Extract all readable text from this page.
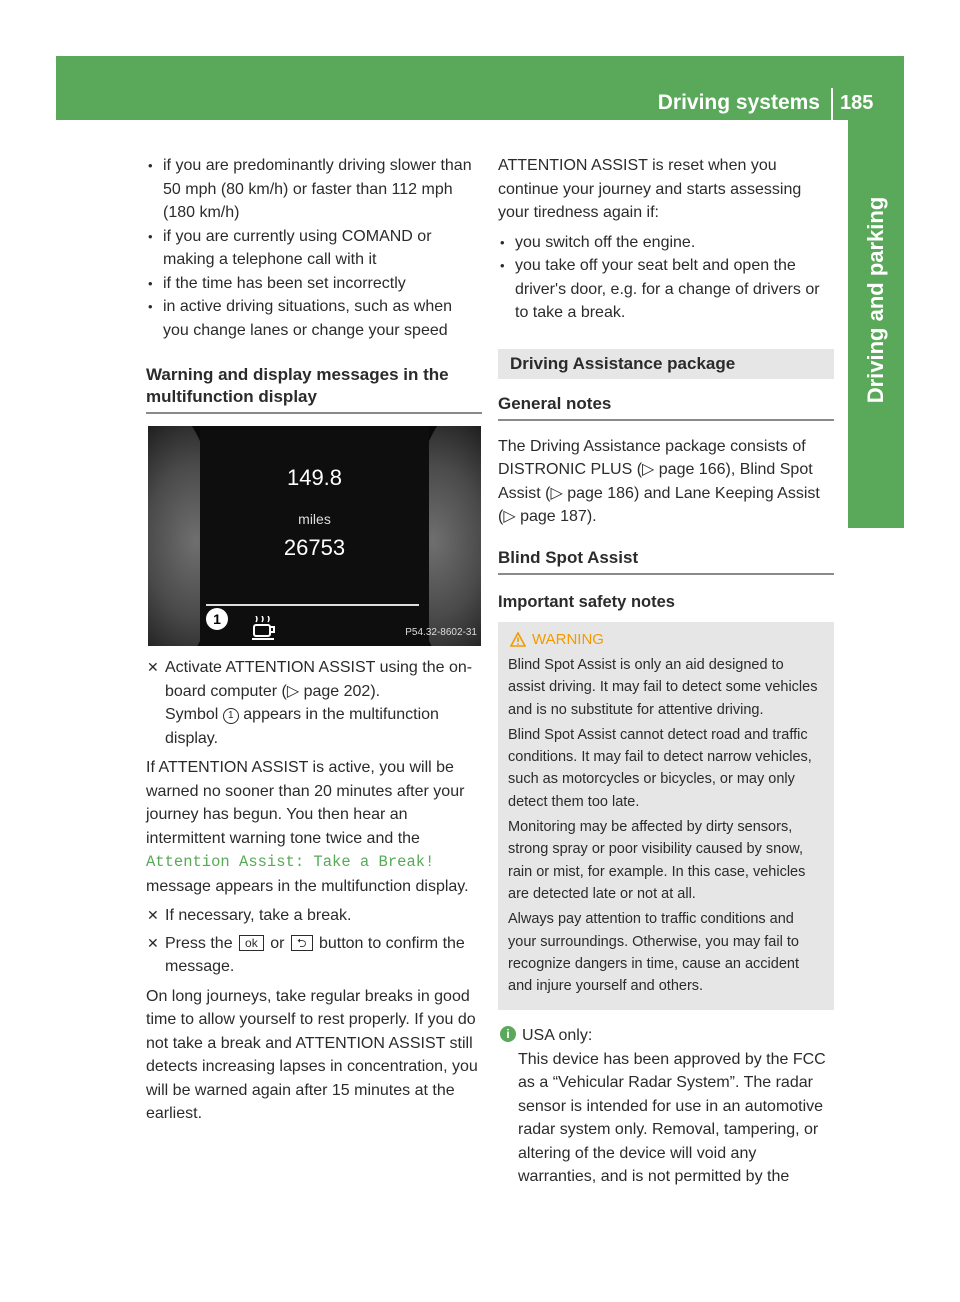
Driving systems 185
Driving and parking

• if you are predominantly driving slower than 50 mph (80 km/h) or faster than 112 mph (180 km/h)

• if you are currently using COMAND or making a telephone call with it

• if the time has been set incorrectly

• in active driving situations, such as when you change lanes or change your speed

Warning and display messages in the multifunction display
149.8
miles
26753
1
P54.32-8602-31

✕ Activate ATTENTION ASSIST using the on-board computer (▷ page 202).
Symbol 1 appears in the multifunction display.

If ATTENTION ASSIST is active, you will be warned no sooner than 20 minutes after your journey has begun. You then hear an intermittent warning tone twice and the
Attention Assist: Take a Break!
message appears in the multifunction display.

✕ If necessary, take a break.

✕ Press the ok or ⮌ button to confirm the message.

On long journeys, take regular breaks in good time to allow yourself to rest properly. If you do not take a break and ATTENTION ASSIST still detects increasing lapses in concentration, you will be warned again after 15 minutes at the earliest.

ATTENTION ASSIST is reset when you continue your journey and starts assessing your tiredness again if:

• you switch off the engine.

• you take off your seat belt and open the driver's door, e.g. for a change of drivers or to take a break.

Driving Assistance package
General notes

The Driving Assistance package consists of DISTRONIC PLUS (▷ page 166), Blind Spot Assist (▷ page 186) and Lane Keeping Assist (▷ page 187).

Blind Spot Assist

Important safety notes

WARNING

Blind Spot Assist is only an aid designed to assist driving. It may fail to detect some vehicles and is no substitute for attentive driving.

Blind Spot Assist cannot detect road and traffic conditions. It may fail to detect narrow vehicles, such as motorcycles or bicycles, or may only detect them too late.

Monitoring may be affected by dirty sensors, strong spray or poor visibility caused by snow, rain or mist, for example. In this case, vehicles are detected late or not at all.

Always pay attention to traffic conditions and your surroundings. Otherwise, you may fail to recognize dangers in time, cause an accident and injure yourself and others.

i USA only:

This device has been approved by the FCC as a “Vehicular Radar System”. The radar sensor is intended for use in an automotive radar system only. Removal, tampering, or altering of the device will void any warranties, and is not permitted by the
